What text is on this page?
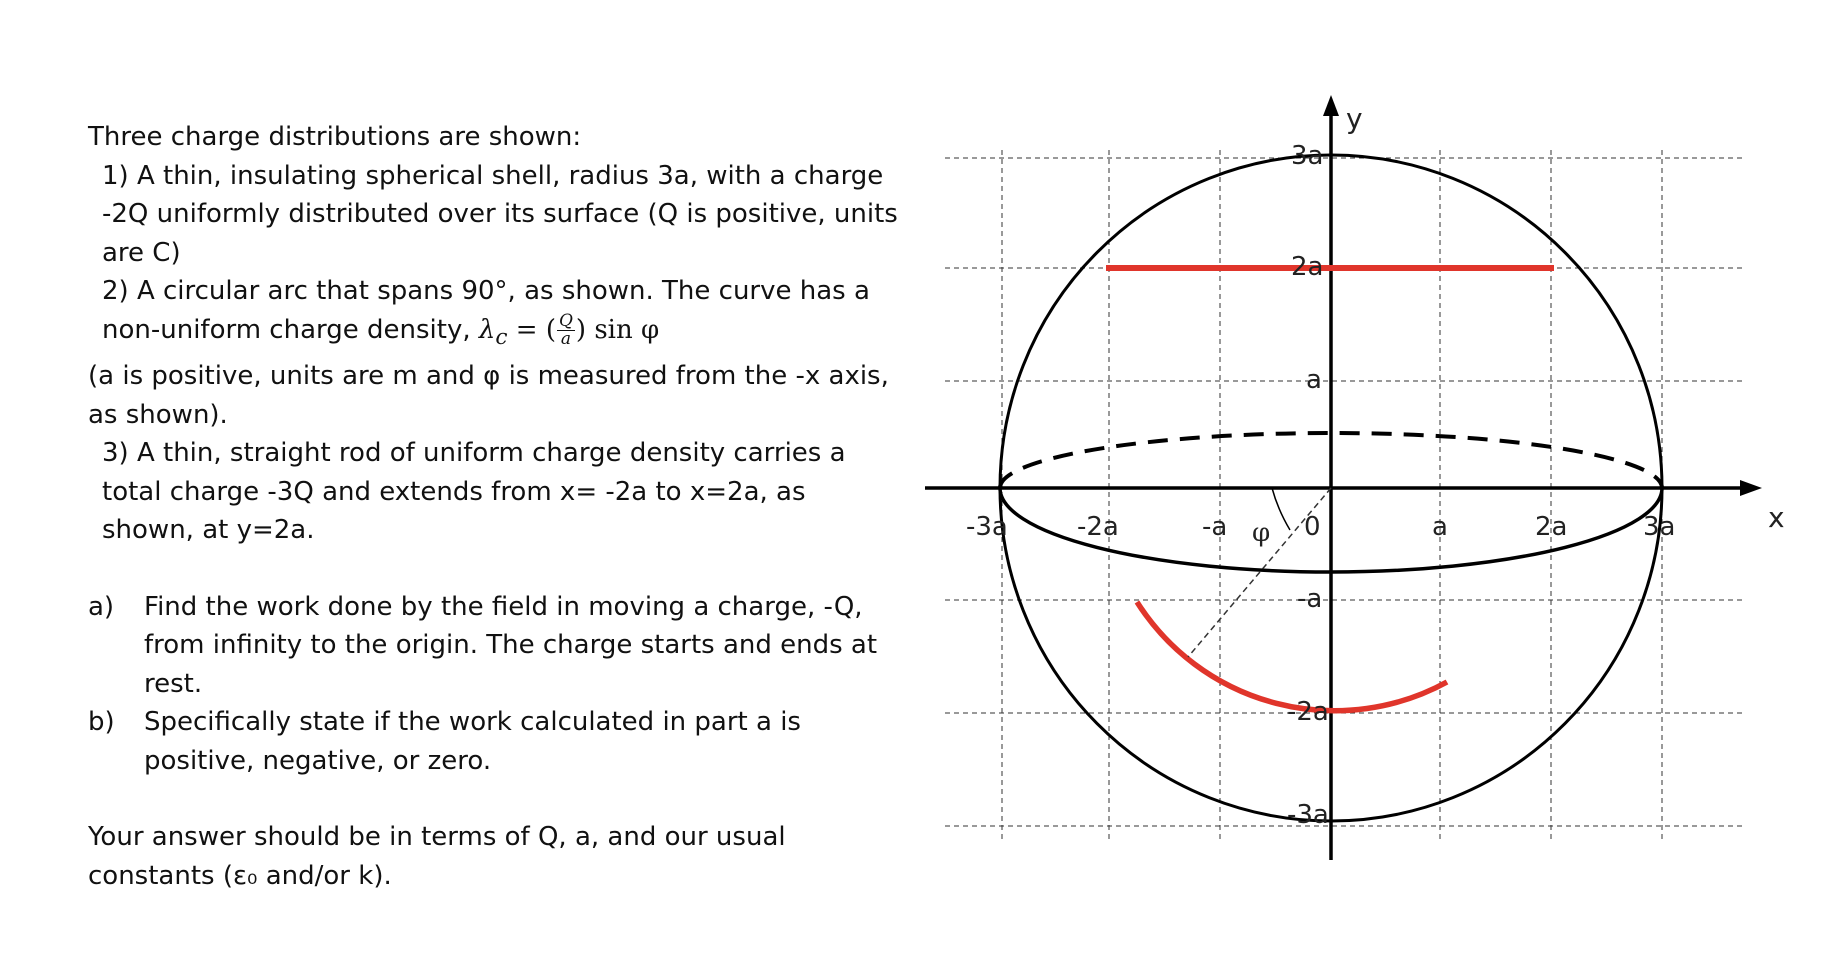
Three charge distributions are shown:

1) A thin, insulating spherical shell, radius 3a, with a charge -2Q uniformly distributed over its surface (Q is positive, units are C)

2) A circular arc that spans 90°, as shown. The curve has a non-uniform charge density, $\lambda_c$ = ( $\frac{Q}{a}$ ) sin φ

(a is positive, units are m and φ is measured from the -x axis, as shown).

3) A thin, straight rod of uniform charge density carries a total charge -3Q and extends from x= -2a to x=2a, as shown, at y=2a.

a)	Find the work done by the field in moving a charge, -Q, from infinity to the origin. The charge starts and ends at rest.
b)	Specifically state if the work calculated in part a is positive, negative, or zero.

Your answer should be in terms of Q, a, and our usual constants (ε₀ and/or k).

φ
y
x
-3a	-2a	-a	0	a	2a	3a
3a
2a
a
-a
-2a
-3a
